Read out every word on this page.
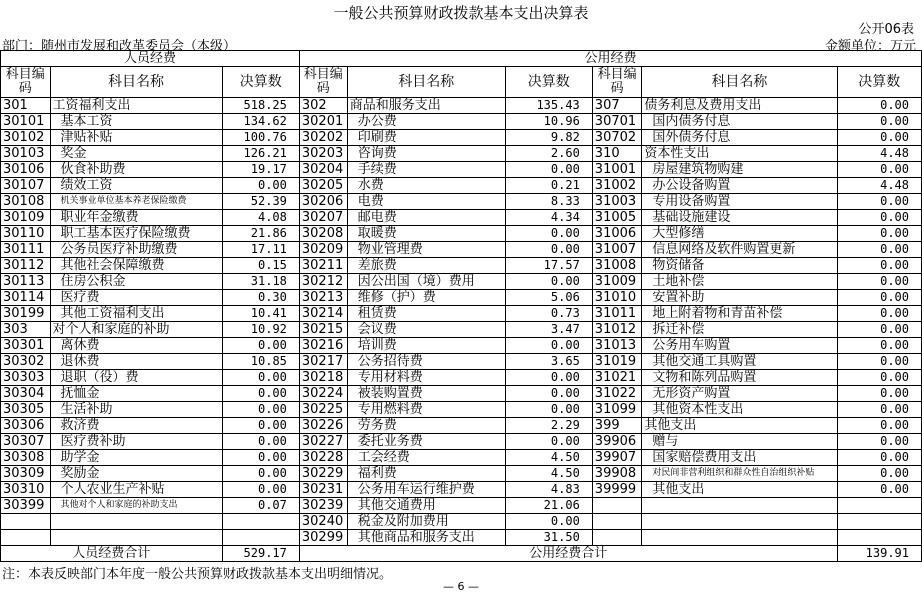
一般公共预算财政拨款基本支出决算表
公开06表
部门：随州市发展和改革委员会（本级）	金额单位：万元
人员经费			公用经费					
科目编码	科目名称	决算数	科目编码	科目名称	决算数	科目编码	科目名称	决算数
301	工资福利支出	518.25	302	商品和服务支出	135.43	307	债务利息及费用支出	0.00
30101	基本工资	134.62	30201	办公费	10.96	30701	国内债务付息	0.00
30102	津贴补贴	100.76	30202	印刷费	9.82	30702	国外债务付息	0.00
30103	奖金	126.21	30203	咨询费	2.60	310	资本性支出	4.48
30106	伙食补助费	19.17	30204	手续费	0.00	31001	房屋建筑物购建	0.00
30107	绩效工资	0.00	30205	水费	0.21	31002	办公设备购置	4.48
30108	机关事业单位基本养老保险缴费	52.39	30206	电费	8.33	31003	专用设备购置	0.00
30109	职业年金缴费	4.08	30207	邮电费	4.34	31005	基础设施建设	0.00
30110	职工基本医疗保险缴费	21.86	30208	取暖费	0.00	31006	大型修缮	0.00
30111	公务员医疗补助缴费	17.11	30209	物业管理费	0.00	31007	信息网络及软件购置更新	0.00
30112	其他社会保障缴费	0.15	30211	差旅费	17.57	31008	物资储备	0.00
30113	住房公积金	31.18	30212	因公出国（境）费用	0.00	31009	土地补偿	0.00
30114	医疗费	0.30	30213	维修（护）费	5.06	31010	安置补助	0.00
30199	其他工资福利支出	10.41	30214	租赁费	0.73	31011	地上附着物和青苗补偿	0.00
303	对个人和家庭的补助	10.92	30215	会议费	3.47	31012	拆迁补偿	0.00
30301	离休费	0.00	30216	培训费	0.00	31013	公务用车购置	0.00
30302	退休费	10.85	30217	公务招待费	3.65	31019	其他交通工具购置	0.00
30303	退职（役）费	0.00	30218	专用材料费	0.00	31021	文物和陈列品购置	0.00
30304	抚恤金	0.00	30224	被装购置费	0.00	31022	无形资产购置	0.00
30305	生活补助	0.00	30225	专用燃料费	0.00	31099	其他资本性支出	0.00
30306	救济费	0.00	30226	劳务费	2.29	399	其他支出	0.00
30307	医疗费补助	0.00	30227	委托业务费	0.00	39906	赠与	0.00
30308	助学金	0.00	30228	工会经费	4.50	39907	国家赔偿费用支出	0.00
30309	奖励金	0.00	30229	福利费	4.50	39908	对民间非营利组织和群众性自治组织补贴	0.00
30310	个人农业生产补贴	0.00	30231	公务用车运行维护费	4.83	39999	其他支出	0.00
30399	其他对个人和家庭的补助支出	0.07	30239	其他交通费用	21.06			
			30240	税金及附加费用	0.00			
			30299	其他商品和服务支出	31.50			
人员经费合计		529.17	公用经费合计					139.91
注：本表反映部门本年度一般公共预算财政拨款基本支出明细情况。
— 6 —
